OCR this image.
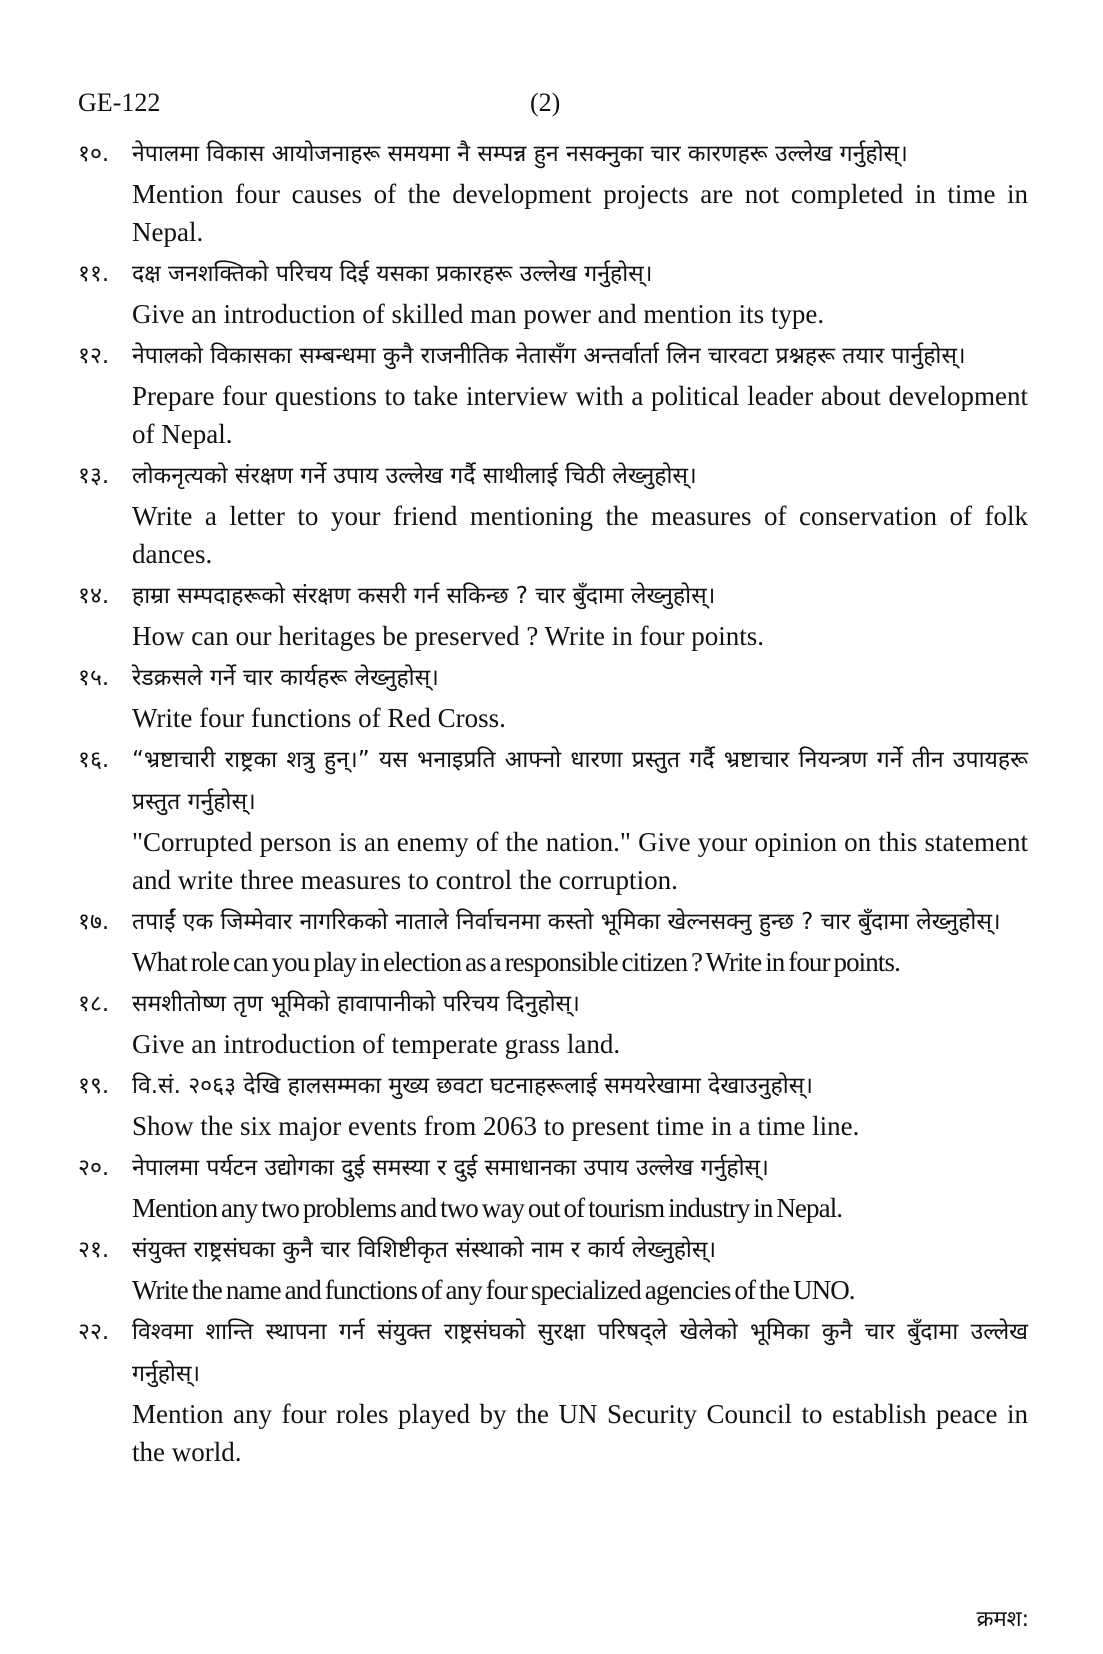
GE-122	(2)
१०. नेपालमा विकास आयोजनाहरू समयमा नै सम्पन्न हुन नसक्नुका चार कारणहरू उल्लेख गर्नुहोस्।

Mention four causes of the development projects are not completed in time in Nepal.

११. दक्ष जनशक्तिको परिचय दिई यसका प्रकारहरू उल्लेख गर्नुहोस्।

Give an introduction of skilled man power and mention its type.

१२. नेपालको विकासका सम्बन्धमा कुनै राजनीतिक नेतासँग अन्तर्वार्ता लिन चारवटा प्रश्नहरू तयार पार्नुहोस्।

Prepare four questions to take interview with a political leader about development of Nepal.

१३. लोकनृत्यको संरक्षण गर्ने उपाय उल्लेख गर्दै साथीलाई चिठी लेख्नुहोस्।

Write a letter to your friend mentioning the measures of conservation of folk dances.

१४. हाम्रा सम्पदाहरूको संरक्षण कसरी गर्न सकिन्छ ? चार बुँदामा लेख्नुहोस्।

How can our heritages be preserved ? Write in four points.

१५. रेडक्रसले गर्ने चार कार्यहरू लेख्नुहोस्।

Write four functions of Red Cross.

१६. “भ्रष्टाचारी राष्ट्रका शत्रु हुन्।” यस भनाइप्रति आफ्नो धारणा प्रस्तुत गर्दै भ्रष्टाचार नियन्त्रण गर्ने तीन उपायहरू प्रस्तुत गर्नुहोस्।

"Corrupted person is an enemy of the nation." Give your opinion on this statement and write three measures to control the corruption.

१७. तपाईं एक जिम्मेवार नागरिकको नाताले निर्वाचनमा कस्तो भूमिका खेल्नसक्नु हुन्छ ? चार बुँदामा लेख्नुहोस्।

What role can you play in election as a responsible citizen ? Write in four points.

१८. समशीतोष्ण तृण भूमिको हावापानीको परिचय दिनुहोस्।

Give an introduction of temperate grass land.

१९. वि.सं. २०६३ देखि हालसम्मका मुख्य छवटा घटनाहरूलाई समयरेखामा देखाउनुहोस्।

Show the six major events from 2063 to present time in a time line.

२०. नेपालमा पर्यटन उद्योगका दुई समस्या र दुई समाधानका उपाय उल्लेख गर्नुहोस्।

Mention any two problems and two way out of tourism industry in Nepal.

२१. संयुक्त राष्ट्रसंघका कुनै चार विशिष्टीकृत संस्थाको नाम र कार्य लेख्नुहोस्।

Write the name and functions of any four specialized agencies of the UNO.

२२. विश्वमा शान्ति स्थापना गर्न संयुक्त राष्ट्रसंघको सुरक्षा परिषद्ले खेलेको भूमिका कुनै चार बुँदामा उल्लेख गर्नुहोस्।

Mention any four roles played by the UN Security Council to establish peace in the world.

क्रमश:
